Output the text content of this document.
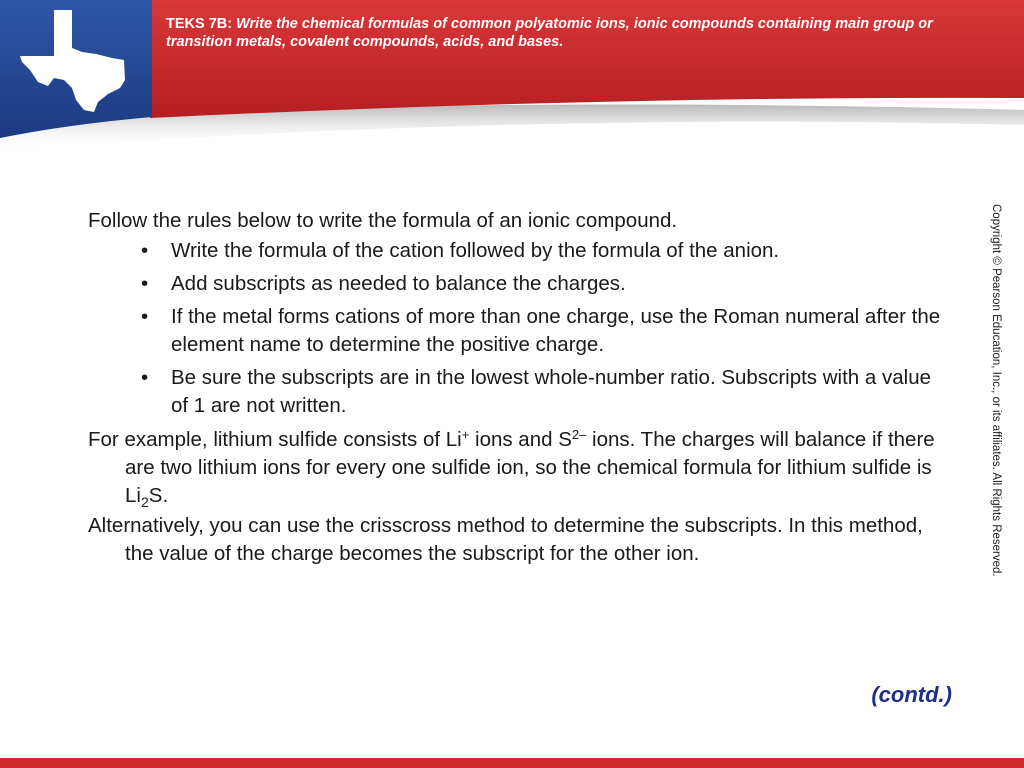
TEKS 7B: Write the chemical formulas of common polyatomic ions, ionic compounds containing main group or transition metals, covalent compounds, acids, and bases.

Follow the rules below to write the formula of an ionic compound.

•	Write the formula of the cation followed by the formula of the anion.
•	Add subscripts as needed to balance the charges.
•	If the metal forms cations of more than one charge, use the Roman numeral after the element name to determine the positive charge.
•	Be sure the subscripts are in the lowest whole-number ratio. Subscripts with a value of 1 are not written.

For example, lithium sulfide consists of Li+ ions and $S^{2-}$ ions. The charges will balance if there are two lithium ions for every one sulfide ion, so the chemical formula for lithium sulfide is $Li_2S$.

Alternatively, you can use the crisscross method to determine the subscripts. In this method, the value of the charge becomes the subscript for the other ion.

(contd.)
Copyright © Pearson Education, Inc., or its affiliates. All Rights Reserved.
